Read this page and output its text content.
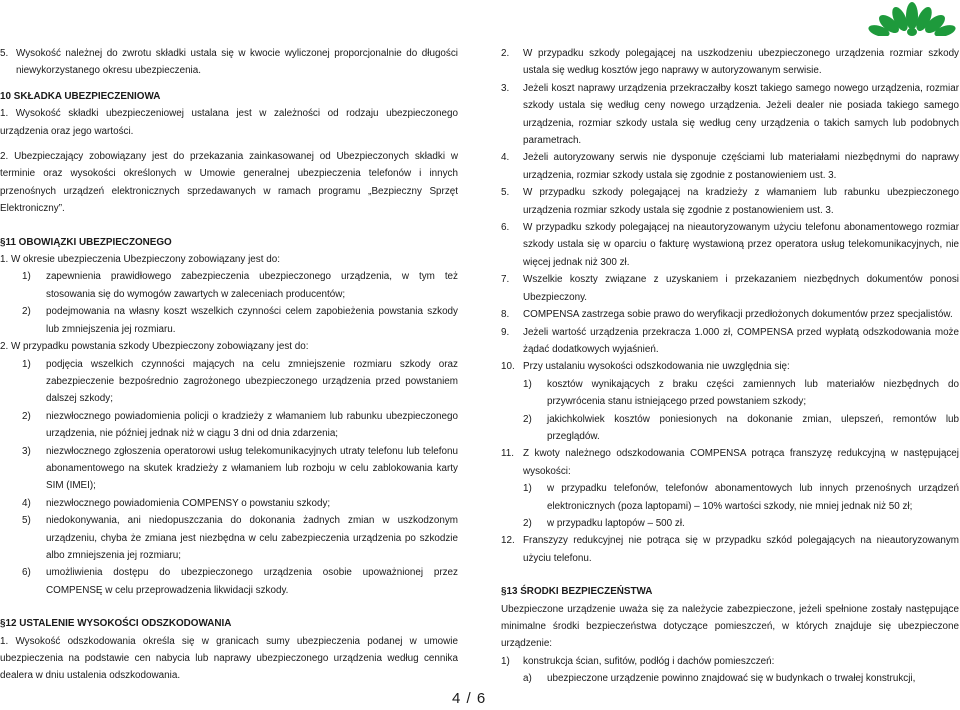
5. Wysokość należnej do zwrotu składki ustala się w kwocie wyliczonej proporcjonalnie do długości niewykorzystanego okresu ubezpieczenia.

10 SKŁADKA UBEZPIECZENIOWA

1. Wysokość składki ubezpieczeniowej ustalana jest w zależności od rodzaju ubezpieczonego urządzenia oraz jego wartości.

2. Ubezpieczający zobowiązany jest do przekazania zainkasowanej od Ubezpieczonych składki w terminie oraz wysokości określonych w Umowie generalnej ubezpieczenia telefonów i innych przenośnych urządzeń elektronicznych sprzedawanych w ramach programu „Bezpieczny Sprzęt Elektroniczny”.

§11 OBOWIĄZKI UBEZPIECZONEGO

1. W okresie ubezpieczenia Ubezpieczony zobowiązany jest do:

1)	zapewnienia prawidłowego zabezpieczenia ubezpieczonego urządzenia, w tym też stosowania się do wymogów zawartych w zaleceniach producentów;
2)	podejmowania na własny koszt wszelkich czynności celem zapobieżenia powstania szkody lub zmniejszenia jej rozmiaru.

2. W przypadku powstania szkody Ubezpieczony zobowiązany jest do:

1)	podjęcia wszelkich czynności mających na celu zmniejszenie rozmiaru szkody oraz zabezpieczenie bezpośrednio zagrożonego ubezpieczonego urządzenia przed powstaniem dalszej szkody;
2)	niezwłocznego powiadomienia policji o kradzieży z włamaniem lub rabunku ubezpieczonego urządzenia, nie później jednak niż w ciągu 3 dni od dnia zdarzenia;
3)	niezwłocznego zgłoszenia operatorowi usług telekomunikacyjnych utraty telefonu lub telefonu abonamentowego na skutek kradzieży z włamaniem lub rozboju w celu zablokowania karty SIM (IMEI);
4)	niezwłocznego powiadomienia COMPENSY o powstaniu szkody;
5)	niedokonywania, ani niedopuszczania do dokonania żadnych zmian w uszkodzonym urządzeniu, chyba że zmiana jest niezbędna w celu zabezpieczenia urządzenia po szkodzie albo zmniejszenia jej rozmiaru;
6)	umożliwienia dostępu do ubezpieczonego urządzenia osobie upoważnionej przez COMPENSĘ w celu przeprowadzenia likwidacji szkody.

§12 USTALENIE WYSOKOŚCI ODSZKODOWANIA

1. Wysokość odszkodowania określa się w granicach sumy ubezpieczenia podanej w umowie ubezpieczenia na podstawie cen nabycia lub naprawy ubezpieczonego urządzenia według cennika dealera w dniu ustalenia odszkodowania.

2.	W przypadku szkody polegającej na uszkodzeniu ubezpieczonego urządzenia rozmiar szkody ustala się według kosztów jego naprawy w autoryzowanym serwisie.
3.	Jeżeli koszt naprawy urządzenia przekraczałby koszt takiego samego nowego urządzenia, rozmiar szkody ustala się według ceny nowego urządzenia. Jeżeli dealer nie posiada takiego samego urządzenia, rozmiar szkody ustala się według ceny urządzenia o takich samych lub podobnych parametrach.
4.	Jeżeli autoryzowany serwis nie dysponuje częściami lub materiałami niezbędnymi do naprawy urządzenia, rozmiar szkody ustala się zgodnie z postanowieniem ust. 3.
5.	W przypadku szkody polegającej na kradzieży z włamaniem lub rabunku ubezpieczonego urządzenia rozmiar szkody ustala się zgodnie z postanowieniem ust. 3.
6.	W przypadku szkody polegającej na nieautoryzowanym użyciu telefonu abonamentowego rozmiar szkody ustala się w oparciu o fakturę wystawioną przez operatora usług telekomunikacyjnych, nie więcej jednak niż 300 zł.
7.	Wszelkie koszty związane z uzyskaniem i przekazaniem niezbędnych dokumentów ponosi Ubezpieczony.
8.	COMPENSA zastrzega sobie prawo do weryfikacji przedłożonych dokumentów przez specjalistów.
9.	Jeżeli wartość urządzenia przekracza 1.000 zł, COMPENSA przed wypłatą odszkodowania może żądać dodatkowych wyjaśnień.
10. Przy ustalaniu wysokości odszkodowania nie uwzględnia się:
1)	kosztów wynikających z braku części zamiennych lub materiałów niezbędnych do przywrócenia stanu istniejącego przed powstaniem szkody;
2)	jakichkolwiek kosztów poniesionych na dokonanie zmian, ulepszeń, remontów lub przeglądów.
11. Z kwoty należnego odszkodowania COMPENSA potrąca franszyzę redukcyjną w następującej wysokości:
1)	w przypadku telefonów, telefonów abonamentowych lub innych przenośnych urządzeń elektronicznych (poza laptopami) – 10% wartości szkody, nie mniej jednak niż 50 zł;
2)	w przypadku laptopów – 500 zł.
12. Franszyzy redukcyjnej nie potrąca się w przypadku szkód polegających na nieautoryzowanym użyciu telefonu.

§13 ŚRODKI BEZPIECZEŃSTWA

Ubezpieczone urządzenie uważa się za należycie zabezpieczone, jeżeli spełnione zostały następujące minimalne środki bezpieczeństwa dotyczące pomieszczeń, w których znajduje się ubezpieczone urządzenie:

1)	konstrukcja ścian, sufitów, podłóg i dachów pomieszczeń:
a)	ubezpieczone urządzenie powinno znajdować się w budynkach o trwałej konstrukcji,
4 / 6
